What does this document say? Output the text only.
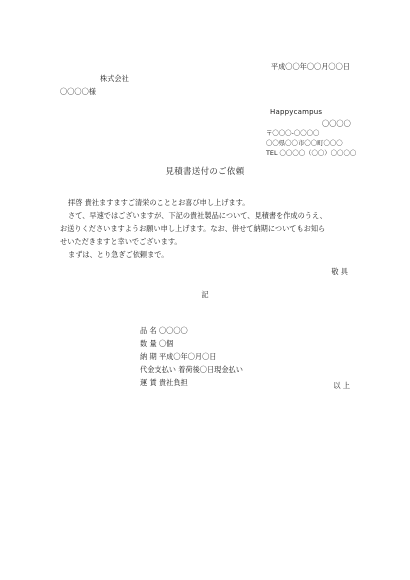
平成〇〇年〇〇月〇〇日
株式会社
〇〇〇〇様
Happycampus
〇〇〇〇
〒〇〇〇-〇〇〇〇
〇〇県〇〇市〇〇町〇〇〇
TEL 〇〇〇〇（〇〇）〇〇〇〇
見積書送付のご依頼

拝啓 貴社ますますご清栄のこととお喜び申し上げます。

さて、早速ではございますが、下記の貴社製品について、見積書を作成のうえ、

お送りくださいますようお願い申し上げます。なお、併せて納期についてもお知ら

せいただきますと幸いでございます。

まずは、とり急ぎご依頼まで。

敬 具
記
品 名 〇〇〇〇
数 量 〇個
納 期 平成〇年〇月〇日
代金支払い 着荷後〇日現金払い
運 賃 貴社負担	以 上
